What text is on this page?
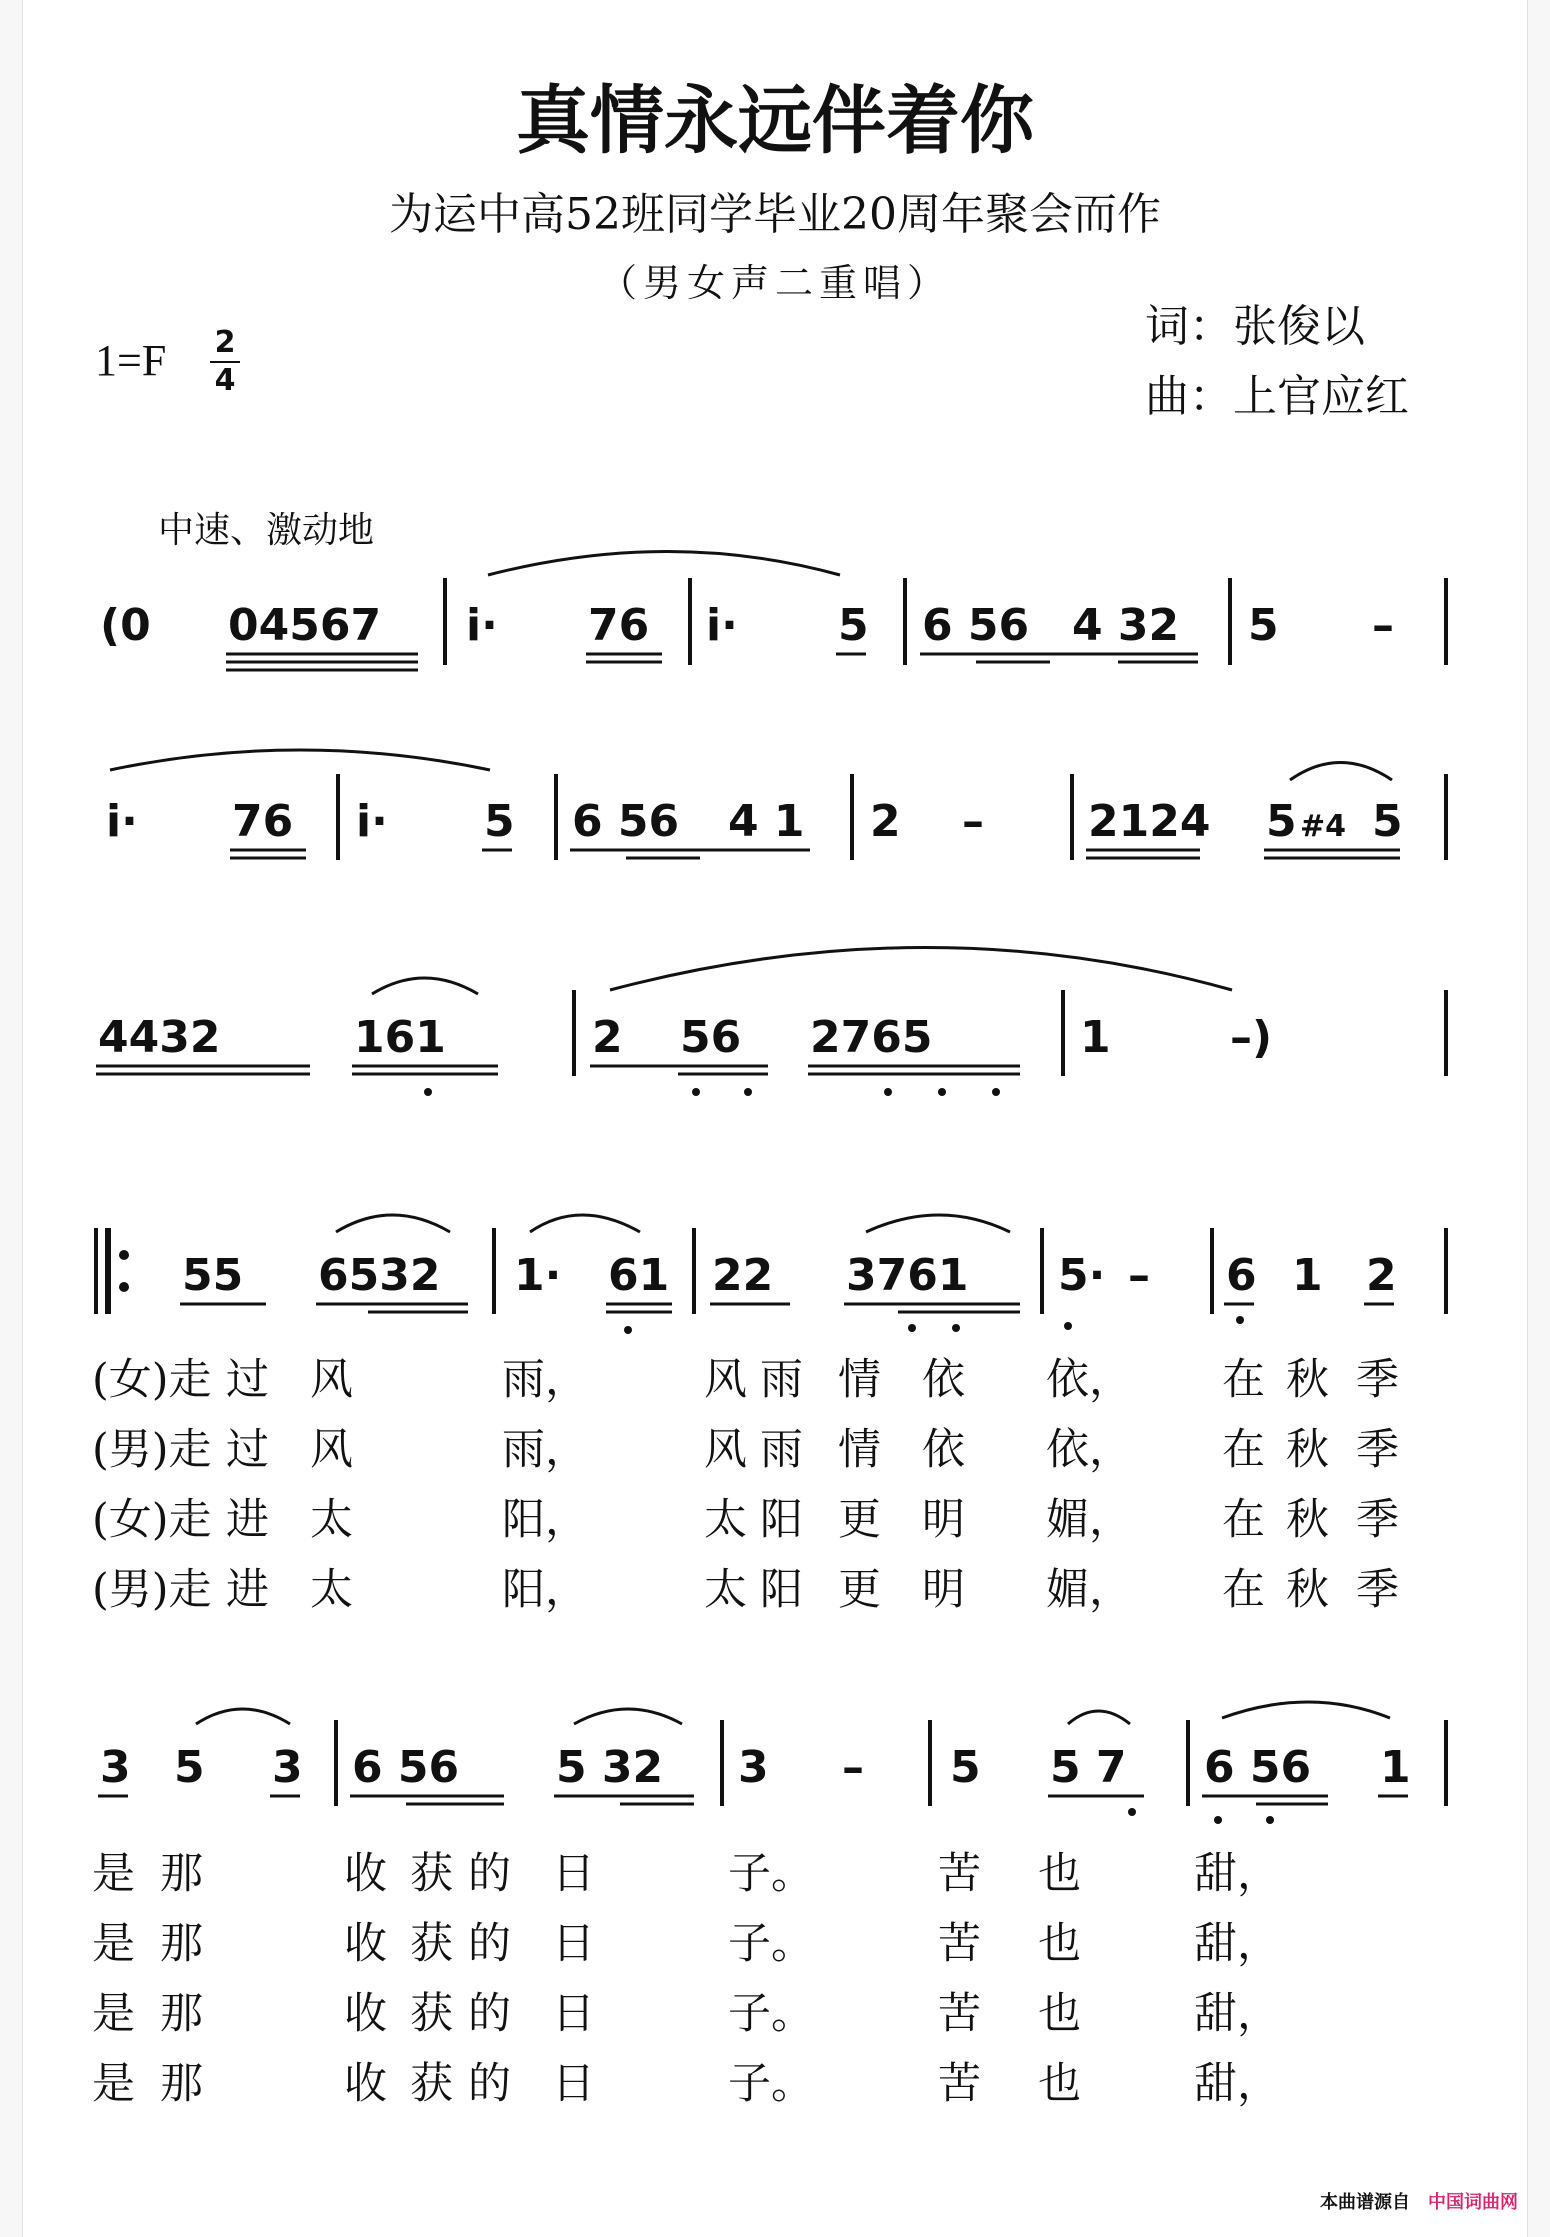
真情永远伴着你
为运中高52班同学毕业20周年聚会而作
（男女声二重唱）
词：张俊以
曲：上官应红
1=F 2
4
中速、激动地
(0 04567 i· 76 i· 5 6 56 4 32 5 –
i· 76 i· 5 6 56 4 1 2 – 2124 5 #4 5
4432	161	2 56 2765	1	–)
55 6532 1· 61 22 3761 5· – 6 1 2
3 5 3 6 56 5 32 3 – 5 5 7 6 56 1
(女)走 过 风	雨，	风 雨 情 依 依， 在 秋 季
(男)走 过 风	雨，	风 雨 情 依 依， 在 秋 季
(女)走 进 太	阳，	太 阳 更 明 媚， 在 秋 季
(男)走 进 太	阳，	太 阳 更 明 媚， 在 秋 季
是 那	收 获 的 日	子。	苦 也	甜，
是 那	收 获 的 日	子。	苦 也	甜，
是 那	收 获 的 日	子。	苦 也	甜，
是 那	收 获 的 日	子。	苦 也	甜，
本曲谱源自 中国词曲网
